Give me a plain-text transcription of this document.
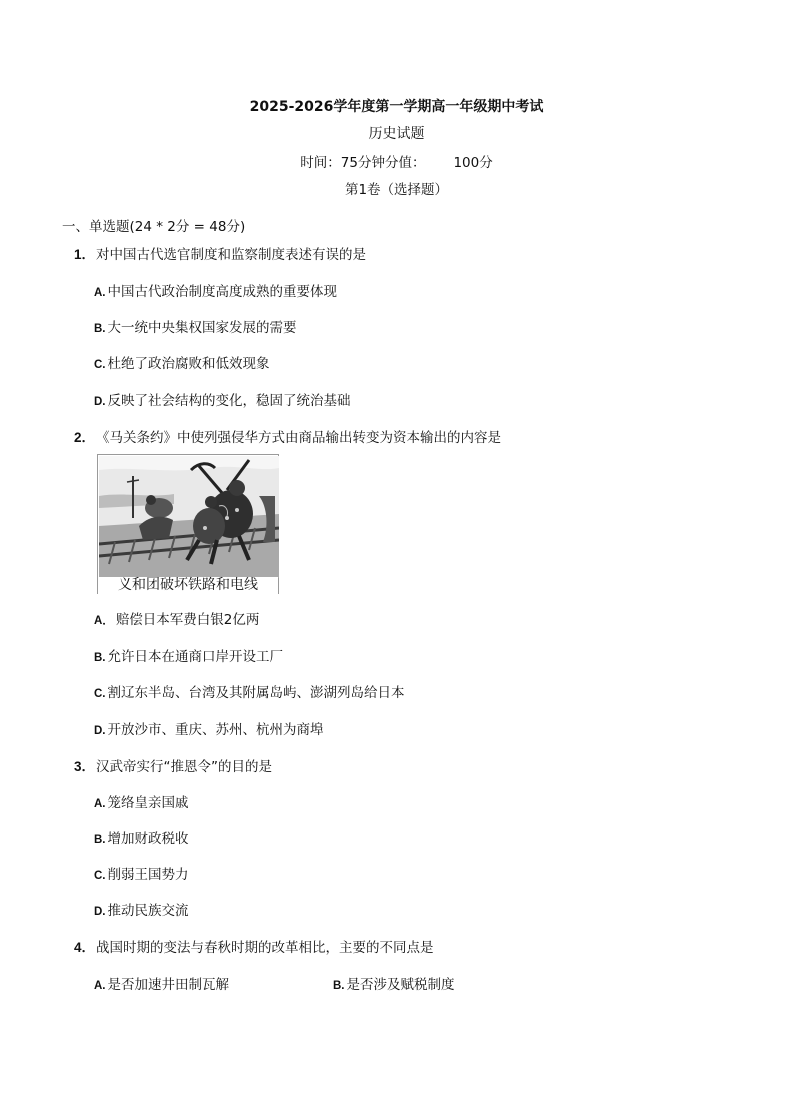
2025-2026学年度第一学期高一年级期中考试
历史试题
时间：75分钟分值： 100分
第1卷（选择题）
一、单选题(24 * 2分 = 48分)
1．对中国古代选官制度和监察制度表述有误的是
A. 中国古代政治制度高度成熟的重要体现
B. 大一统中央集权国家发展的需要
C. 杜绝了政治腐败和低效现象
D. 反映了社会结构的变化，稳固了统治基础
2．《马关条约》中使列强侵华方式由商品输出转变为资本输出的内容是
义和团破坏铁路和电线
A． 赔偿日本军费白银2亿两
B. 允许日本在通商口岸开设工厂
C. 割辽东半岛、台湾及其附属岛屿、澎湖列岛给日本
D. 开放沙市、重庆、苏州、杭州为商埠
3．汉武帝实行“推恩令”的目的是
A. 笼络皇亲国戚
B. 增加财政税收
C. 削弱王国势力
D. 推动民族交流
4．战国时期的变法与春秋时期的改革相比，主要的不同点是
A. 是否加速井田制瓦解	B. 是否涉及赋税制度
